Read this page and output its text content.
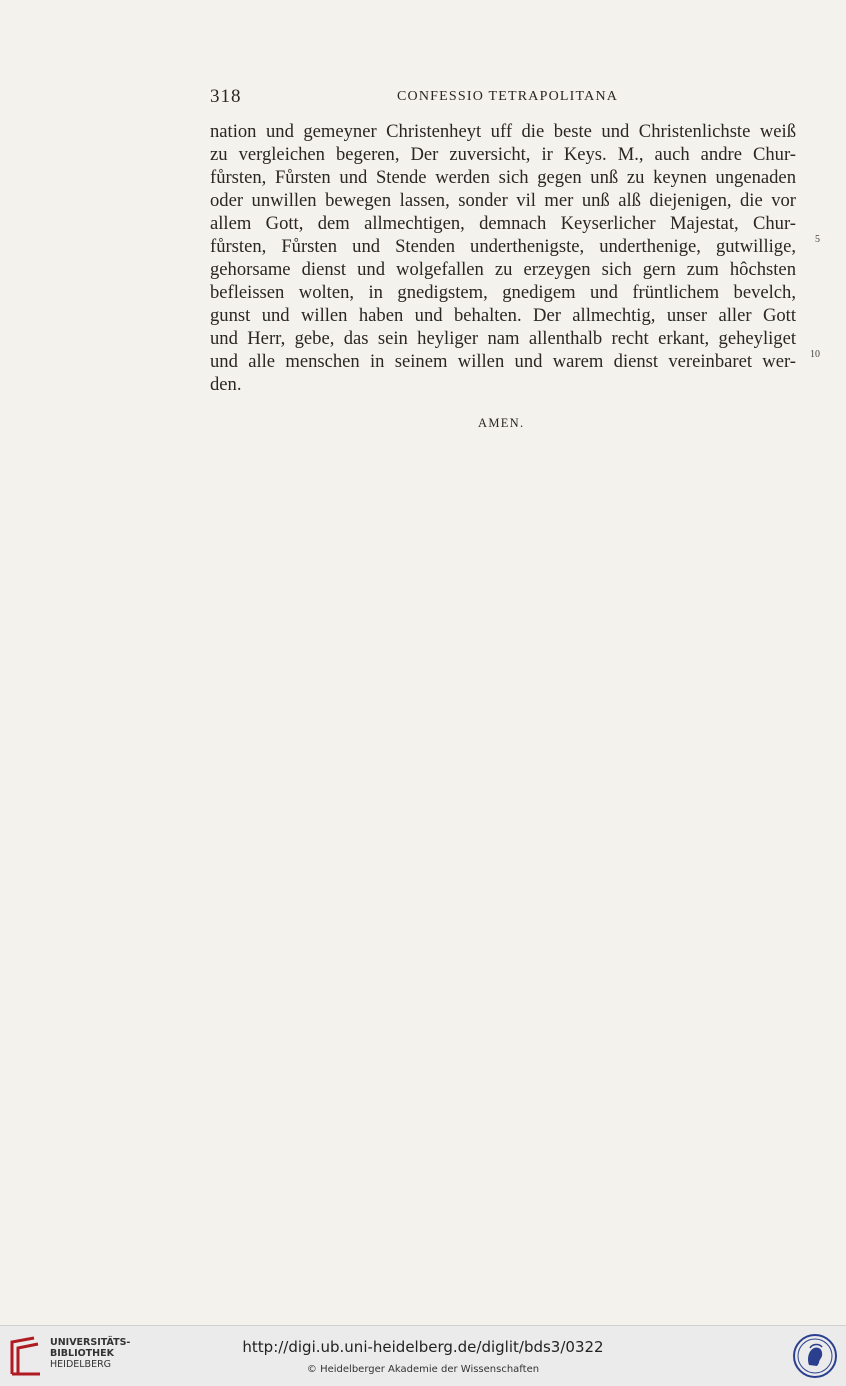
318	CONFESSIO TETRAPOLITANA
nation und gemeyner Christenheyt uff die beste und Christenlichste weiß
zu vergleichen begeren, Der zuversicht, ir Keys. M., auch andre Chur-
fůrsten, Fůrsten und Stende werden sich gegen unß zu keynen ungenaden
oder unwillen bewegen lassen, sonder vil mer unß alß diejenigen, die vor
allem Gott, dem allmechtigen, demnach Keyserlicher Majestat, Chur-
fůrsten, Fůrsten und Stenden underthenigste, underthenige, gutwillige,
gehorsame dienst und wolgefallen zu erzeygen sich gern zum hôchsten
befleissen wolten, in gnedigstem, gnedigem und früntlichem bevelch,
gunst und willen haben und behalten. Der allmechtig, unser aller Gott
und Herr, gebe, das sein heyliger nam allenthalb recht erkant, geheyliget
und alle menschen in seinem willen und warem dienst vereinbaret wer-
den.
5
10
AMEN.
UNIVERSITÄTS-
BIBLIOTHEK
HEIDELBERG
http://digi.ub.uni-heidelberg.de/diglit/bds3/0322
© Heidelberger Akademie der Wissenschaften
